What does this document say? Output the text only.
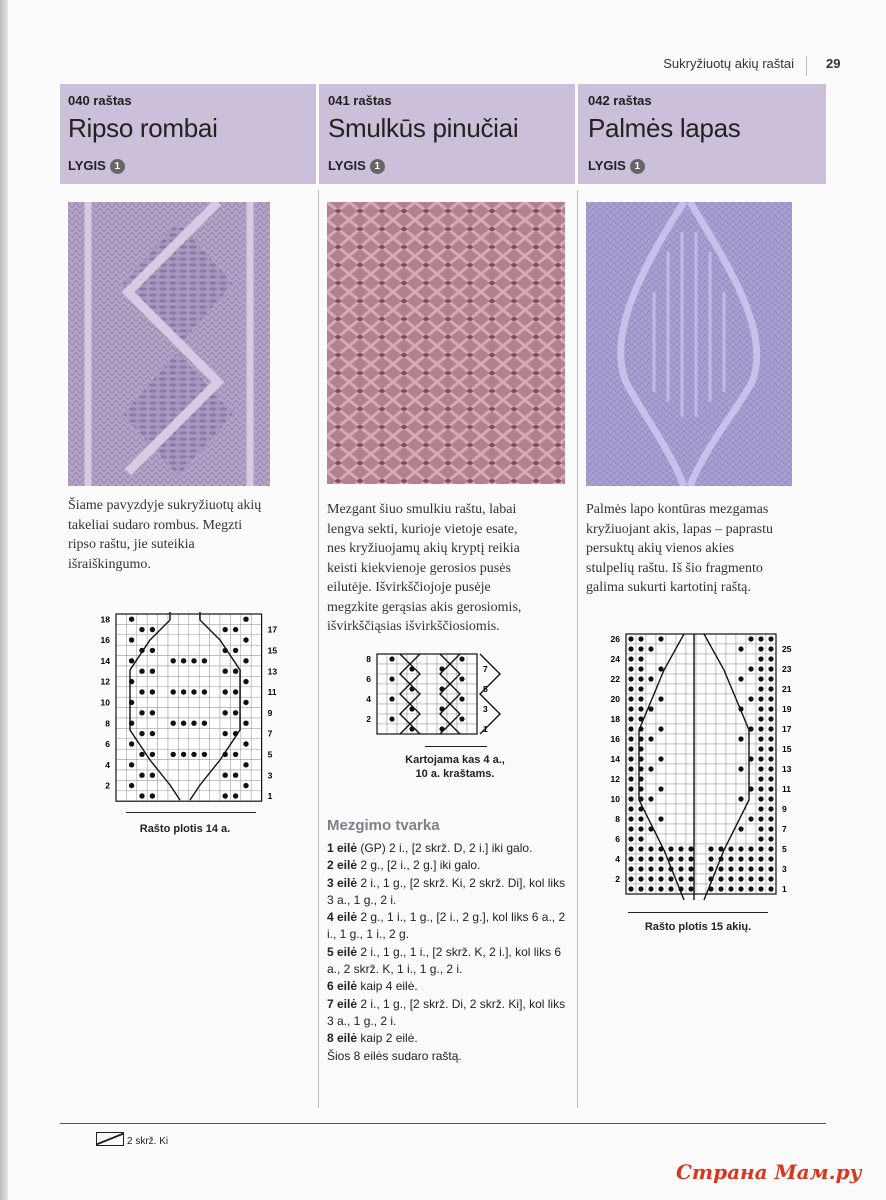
Sukryžiuotų akių raštai 29
040 raštas	041 raštas	042 raštas
Ripso rombai	Smulkūs pinučiai	Palmės lapas
LYGIS 1	LYGIS 1	LYGIS 1
Šiame pavyzdyje sukryžiuotų akių
takeliai sudaro rombus. Megzti
ripso raštu, jie suteikia
išraiškingumo.
Mezgant šiuo smulkiu raštu, labai
lengva sekti, kurioje vietoje esate,
nes kryžiuojamų akių kryptį reikia
keisti kiekvienoje gerosios pusės
eilutėje. Išvirkščiojoje pusėje
megzkite gerąsias akis gerosiomis,
išvirkščiąsias išvirkščiosiomis.
Palmės lapo kontūras mezgamas
kryžiuojant akis, lapas – paprastu
persuktų akių vienos akies
stulpelių raštu. Iš šio fragmento
galima sukurti kartotinį raštą.
18
16
14
12
10
8
6
4
2
17
15
13
11
9
7
5
3
1
Rašto plotis 14 a.
8
6
4
2
7
5
3
1
Kartojama kas 4 a.,
10 a. kraštams.
26
24
22
20
18
16
14
12
10
8
6
4
2
25
23
21
19
17
15
13
11
9
7
5
3
1
Rašto plotis 15 akių.
Mezgimo tvarka
1 eilė (GP) 2 i., [2 skrž. D, 2 i.] iki galo.
2 eilė 2 g., [2 i., 2 g.] iki galo.
3 eilė 2 i., 1 g., [2 skrž. Ki, 2 skrž. Di], kol liks 3 a., 1 g., 2 i.
4 eilė 2 g., 1 i., 1 g., [2 i., 2 g.], kol liks 6 a., 2 i., 1 g., 1 i., 2 g.
5 eilė 2 i., 1 g., 1 i., [2 skrž. K, 2 i.], kol liks 6 a., 2 skrž. K, 1 i., 1 g., 2 i.
6 eilė kaip 4 eilė.
7 eilė 2 i., 1 g., [2 skrž. Di, 2 skrž. Ki], kol liks 3 a., 1 g., 2 i.
8 eilė kaip 2 eilė.
Šios 8 eilės sudaro raštą.
2 skrž. Ki
Страна Мам.ру
